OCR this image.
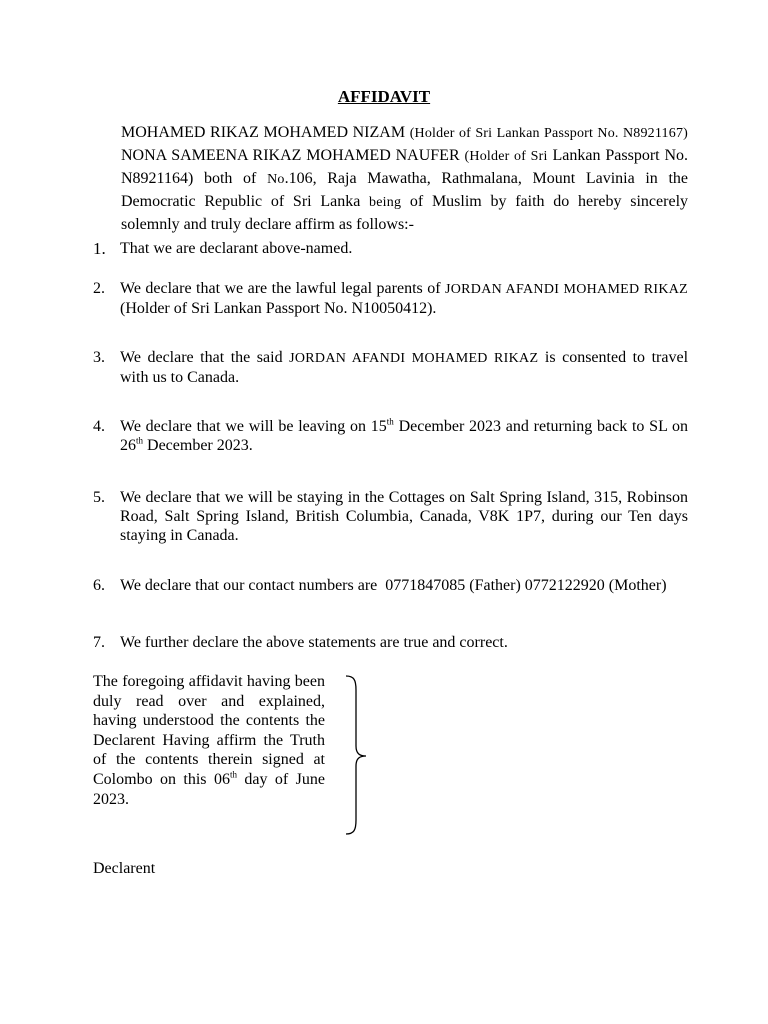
AFFIDAVIT
MOHAMED RIKAZ MOHAMED NIZAM (Holder of Sri Lankan Passport No. N8921167) NONA SAMEENA RIKAZ MOHAMED NAUFER (Holder of Sri Lankan Passport No. N8921164) both of No.106, Raja Mawatha, Rathmalana, Mount Lavinia in the Democratic Republic of Sri Lanka being of Muslim by faith do hereby sincerely solemnly and truly declare affirm as follows:-
1. That we are declarant above-named.
2. We declare that we are the lawful legal parents of JORDAN AFANDI MOHAMED RIKAZ (Holder of Sri Lankan Passport No. N10050412).
3. We declare that the said JORDAN AFANDI MOHAMED RIKAZ is consented to travel with us to Canada.
4. We declare that we will be leaving on 15th December 2023 and returning back to SL on 26th December 2023.
5. We declare that we will be staying in the Cottages on Salt Spring Island, 315, Robinson Road, Salt Spring Island, British Columbia, Canada, V8K 1P7, during our Ten days staying in Canada.
6. We declare that our contact numbers are  0771847085 (Father) 0772122920 (Mother)
7. We further declare the above statements are true and correct.
The foregoing affidavit having been duly read over and explained, having understood the contents the Declarent Having affirm the Truth of the contents therein signed at Colombo on this 06th day of June 2023.
Declarent
